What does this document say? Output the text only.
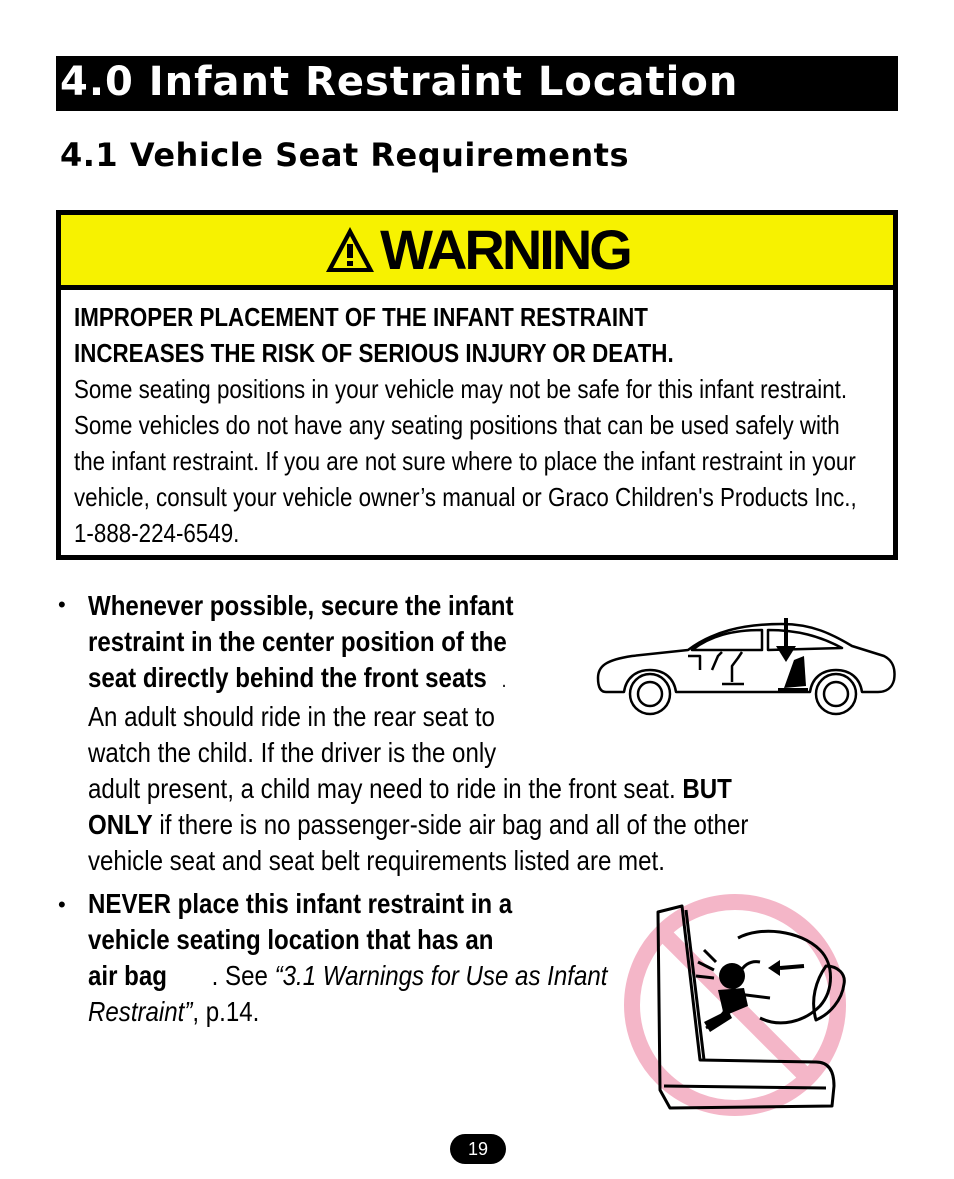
4.0 Infant Restraint Location
4.1 Vehicle Seat Requirements
WARNING
IMPROPER PLACEMENT OF THE INFANT RESTRAINT
INCREASES THE RISK OF SERIOUS INJURY OR DEATH.
Some seating positions in your vehicle may not be safe for this infant restraint. Some vehicles do not have any seating positions that can be used safely with the infant restraint. If you are not sure where to place the infant restraint in your vehicle, consult your vehicle owner’s manual or Graco Children's Products Inc., 1-888-224-6549.
• Whenever possible, secure the infant
restraint in the center position of the
seat directly behind the front seats .
An adult should ride in the rear seat to
watch the child. If the driver is the only
adult present, a child may need to ride in the front seat. BUT
ONLY if there is no passenger-side air bag and all of the other
vehicle seat and seat belt requirements listed are met.
• NEVER place this infant restraint in a
vehicle seating location that has an
air bag . See “3.1 Warnings for Use as Infant Restraint”, p.14.
19
